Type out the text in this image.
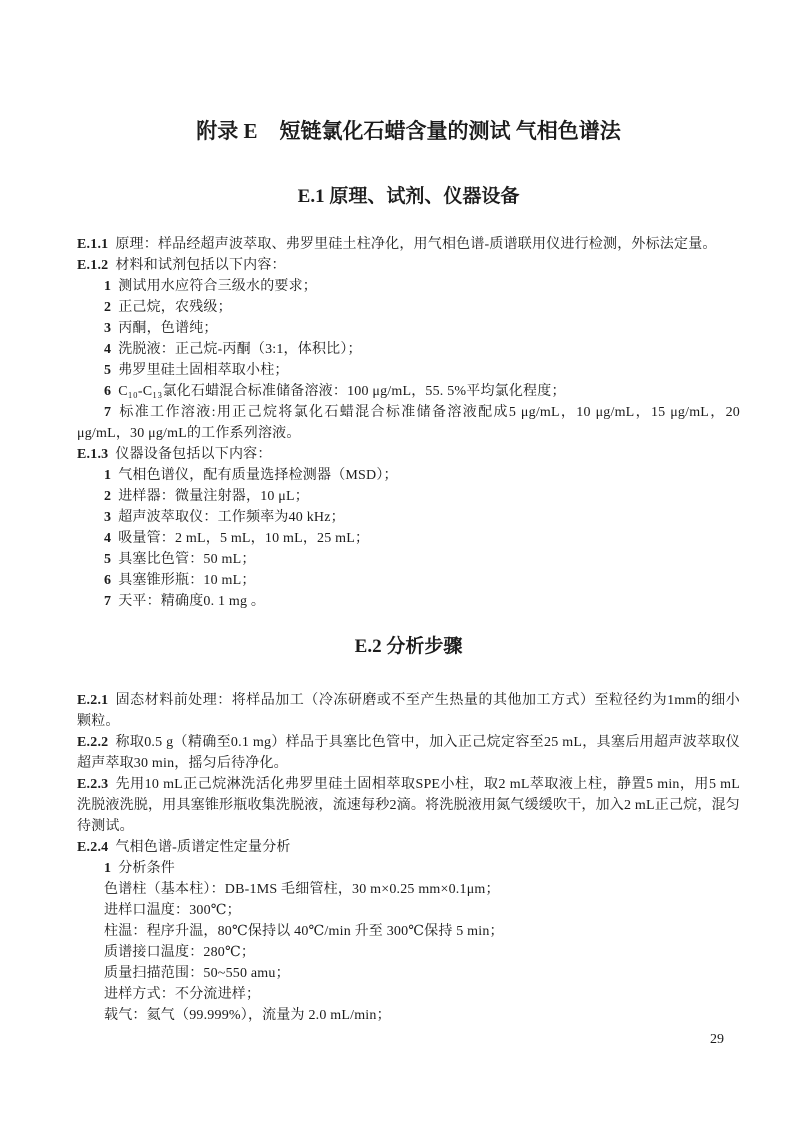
附录 E 短链氯化石蜡含量的测试 气相色谱法
E.1 原理、试剂、仪器设备

E.1.1 原理：样品经超声波萃取、弗罗里硅土柱净化，用气相色谱-质谱联用仪进行检测，外标法定量。

E.1.2 材料和试剂包括以下内容：

1 测试用水应符合三级水的要求；

2 正己烷，农残级；

3 丙酮，色谱纯；

4 洗脱液：正己烷-丙酮（3:1，体积比）；

5 弗罗里硅土固相萃取小柱；

6 C₁₀-C₁₃氯化石蜡混合标准储备溶液：100 μg/mL，55. 5%平均氯化程度；

7 标准工作溶液:用正己烷将氯化石蜡混合标准储备溶液配成5 μg/mL，10 μg/mL，15 μg/mL，20 μg/mL，30 μg/mL的工作系列溶液。

E.1.3 仪器设备包括以下内容：

1 气相色谱仪，配有质量选择检测器（MSD）；

2 进样器：微量注射器，10 μL；

3 超声波萃取仪：工作频率为40 kHz；

4 吸量管：2 mL，5 mL，10 mL，25 mL；

5 具塞比色管：50 mL；

6 具塞锥形瓶：10 mL；

7 天平：精确度0. 1 mg 。

E.2 分析步骤

E.2.1 固态材料前处理：将样品加工（冷冻研磨或不至产生热量的其他加工方式）至粒径约为1mm的细小颗粒。

E.2.2 称取0.5 g（精确至0.1 mg）样品于具塞比色管中，加入正己烷定容至25 mL，具塞后用超声波萃取仪超声萃取30 min，摇匀后待净化。

E.2.3 先用10 mL正己烷淋洗活化弗罗里硅土固相萃取SPE小柱，取2 mL萃取液上柱，静置5 min，用5 mL洗脱液洗脱，用具塞锥形瓶收集洗脱液，流速每秒2滴。将洗脱液用氮气缓缓吹干，加入2 mL正己烷，混匀待测试。

E.2.4 气相色谱-质谱定性定量分析

1 分析条件

色谱柱（基本柱）：DB-1MS 毛细管柱，30 m×0.25 mm×0.1μm；

进样口温度：300℃；

柱温：程序升温，80℃保持以 40℃/min 升至 300℃保持 5 min；

质谱接口温度：280℃；

质量扫描范围：50~550 amu；

进样方式：不分流进样；

载气：氦气（99.999%），流量为 2.0 mL/min；

29
